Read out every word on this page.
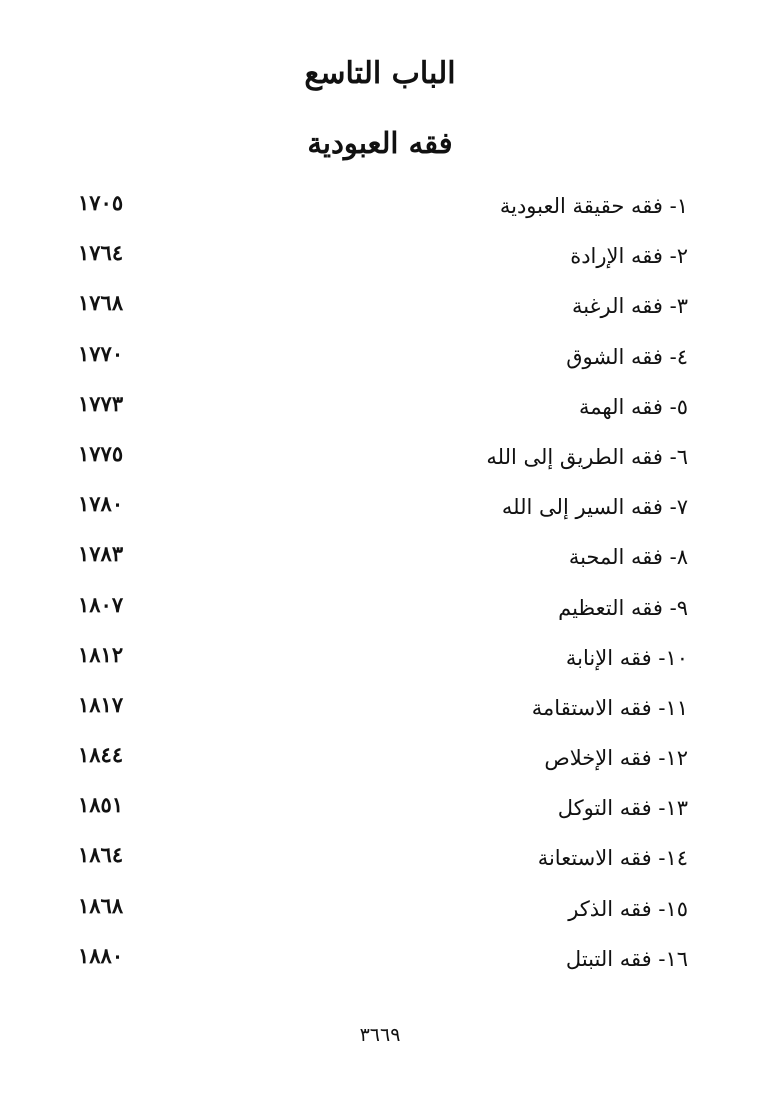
الباب التاسع
فقه العبودية
١٧٠٥	١- فقه حقيقة العبودية
١٧٦٤	٢- فقه الإرادة
١٧٦٨	٣- فقه الرغبة
١٧٧٠	٤- فقه الشوق
١٧٧٣	٥- فقه الهمة
١٧٧٥	٦- فقه الطريق إلى الله
١٧٨٠	٧- فقه السير إلى الله
١٧٨٣	٨- فقه المحبة
١٨٠٧	٩- فقه التعظيم
١٨١٢	١٠- فقه الإنابة
١٨١٧	١١- فقه الاستقامة
١٨٤٤	١٢- فقه الإخلاص
١٨٥١	١٣- فقه التوكل
١٨٦٤	١٤- فقه الاستعانة
١٨٦٨	١٥- فقه الذكر
١٨٨٠	١٦- فقه التبتل
٣٦٦٩
